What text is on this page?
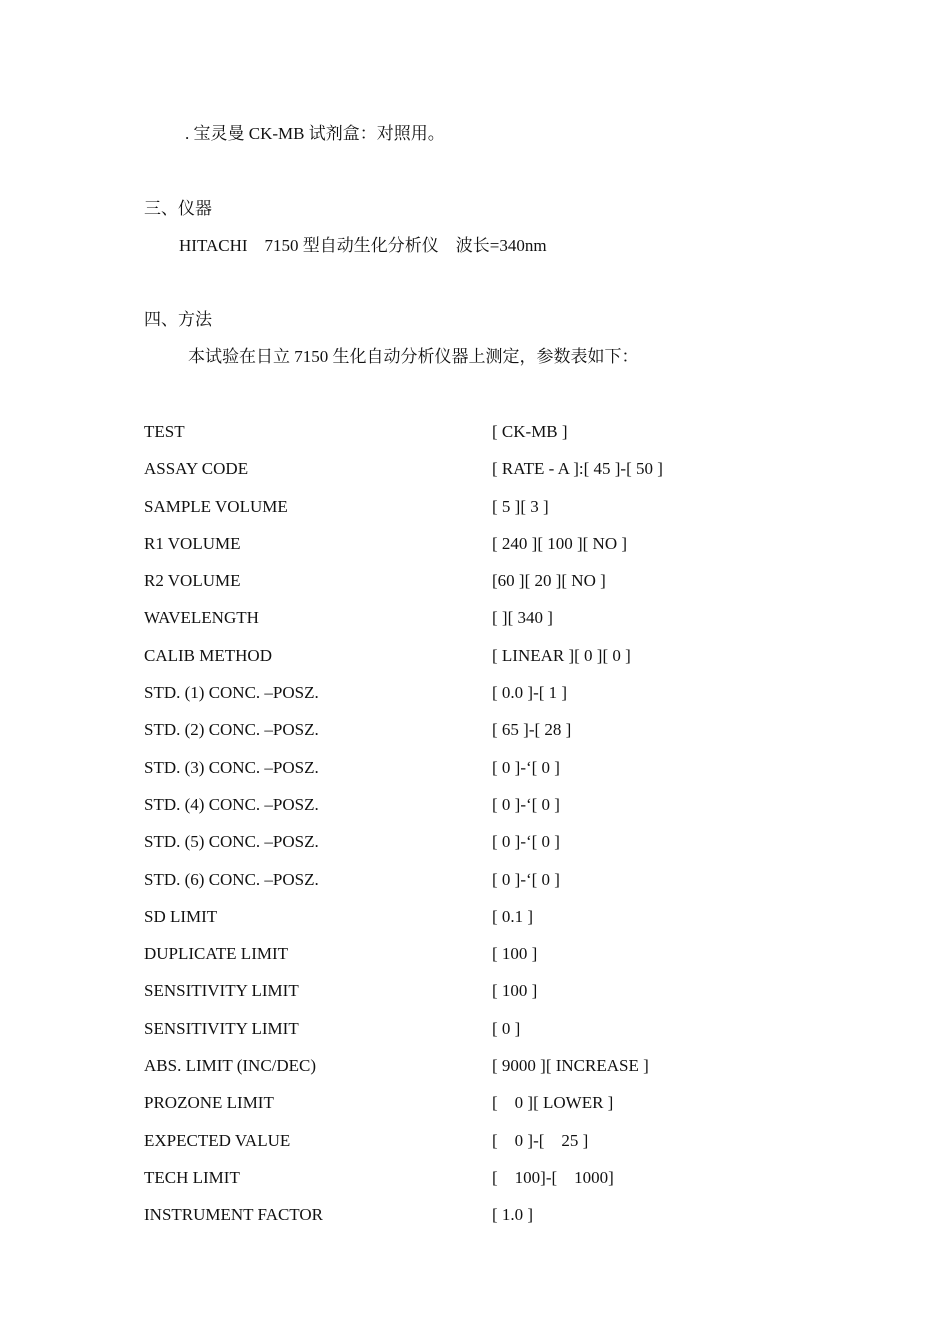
. 宝灵曼 CK-MB 试剂盒：对照用。
三、仪器
HITACHI    7150 型自动生化分析仪    波长=340nm
四、方法
本试验在日立 7150 生化自动分析仪器上测定，参数表如下：
TEST	[ CK-MB ]
ASSAY CODE	[ RATE - A ]:[ 45 ]-[ 50 ]
SAMPLE VOLUME	[ 5 ][ 3 ]
R1 VOLUME	[ 240 ][ 100 ][ NO ]
R2 VOLUME	[60 ][ 20 ][ NO ]
WAVELENGTH	[ ][ 340 ]
CALIB METHOD	[ LINEAR ][ 0 ][ 0 ]
STD. (1) CONC. –POSZ.	[ 0.0 ]-[ 1 ]
STD. (2) CONC. –POSZ.	[ 65 ]-[ 28 ]
STD. (3) CONC. –POSZ.	[ 0 ]-‘[ 0 ]
STD. (4) CONC. –POSZ.	[ 0 ]-‘[ 0 ]
STD. (5) CONC. –POSZ.	[ 0 ]-‘[ 0 ]
STD. (6) CONC. –POSZ.	[ 0 ]-‘[ 0 ]
SD LIMIT	[ 0.1 ]
DUPLICATE LIMIT	[ 100 ]
SENSITIVITY LIMIT	[ 100 ]
SENSITIVITY LIMIT	[ 0 ]
ABS. LIMIT (INC/DEC)	[ 9000 ][ INCREASE ]
PROZONE LIMIT	[    0 ][ LOWER ]
EXPECTED VALUE	[    0 ]-[    25 ]
TECH LIMIT	[    100]-[    1000]
INSTRUMENT FACTOR	[ 1.0 ]
